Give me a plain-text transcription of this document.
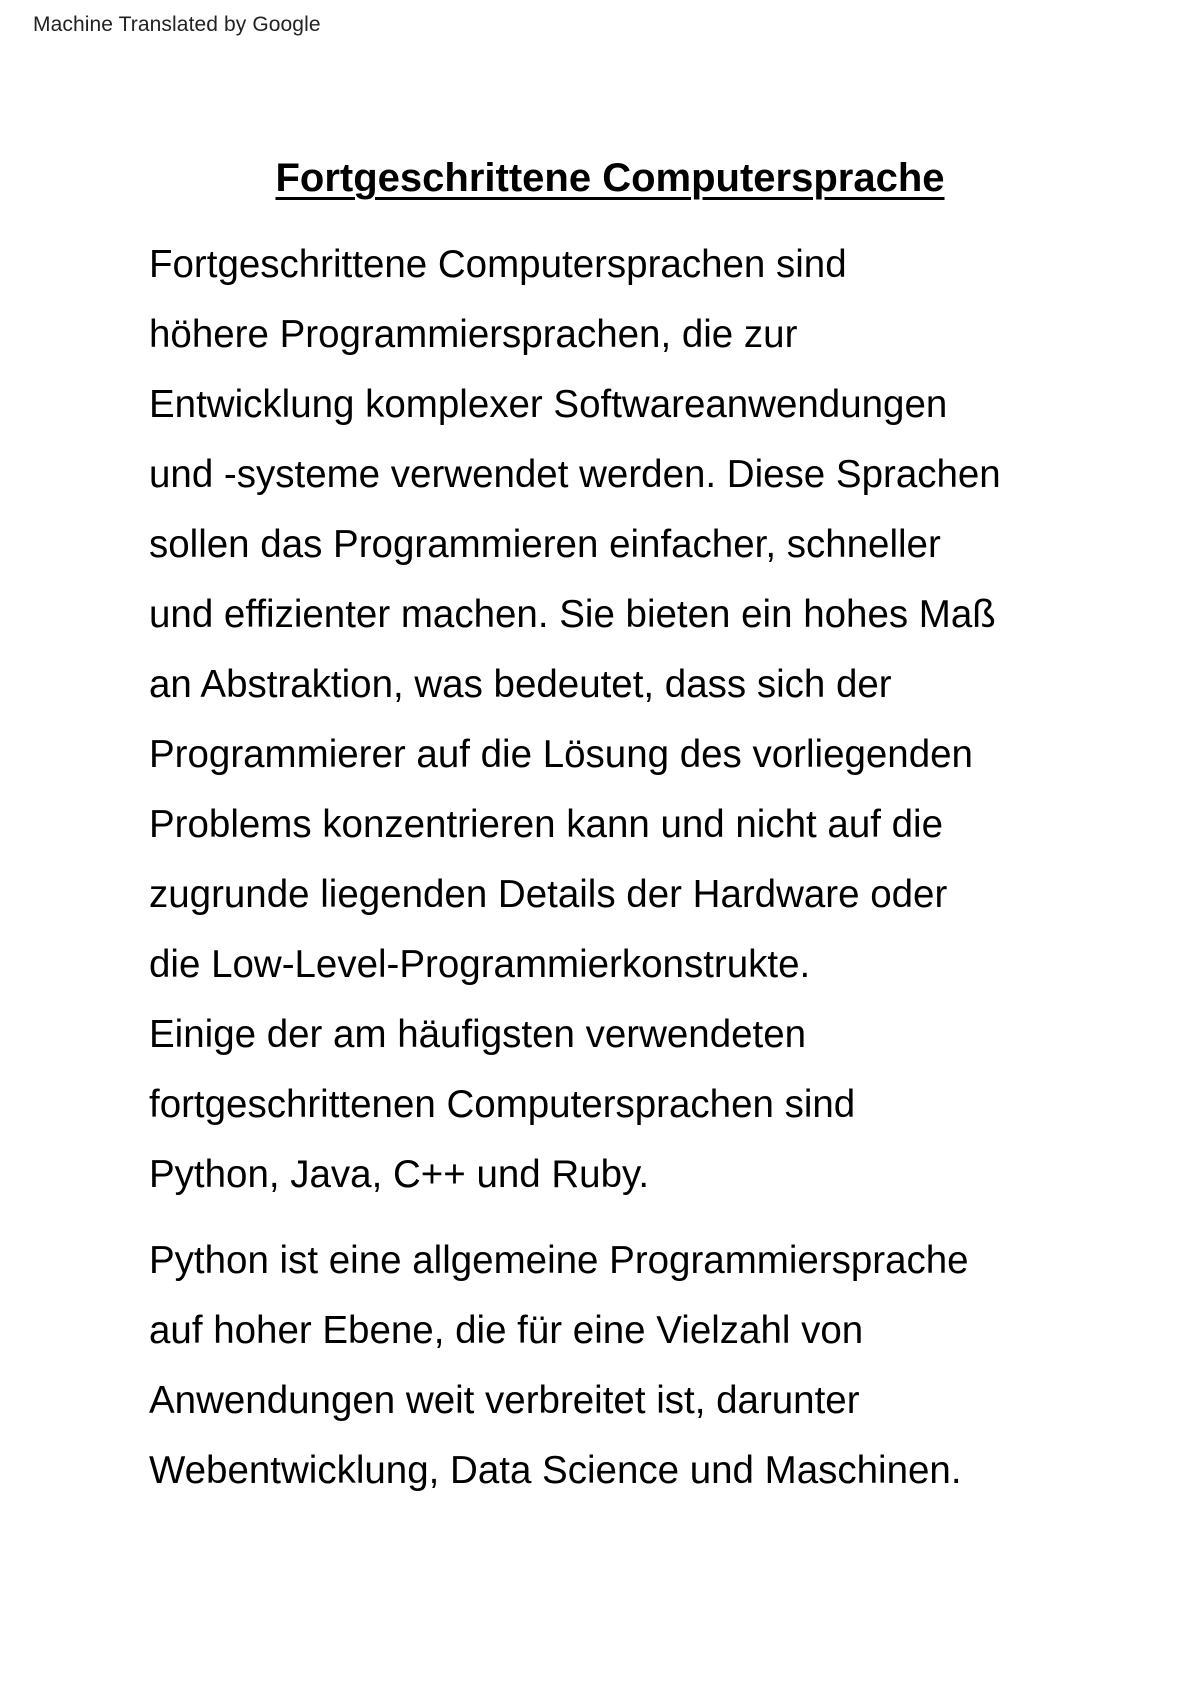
Machine Translated by Google
Fortgeschrittene Computersprache
Fortgeschrittene Computersprachen sind
höhere Programmiersprachen, die zur
Entwicklung komplexer Softwareanwendungen
und -systeme verwendet werden. Diese Sprachen
sollen das Programmieren einfacher, schneller
und effizienter machen. Sie bieten ein hohes Maß
an Abstraktion, was bedeutet, dass sich der
Programmierer auf die Lösung des vorliegenden
Problems konzentrieren kann und nicht auf die
zugrunde liegenden Details der Hardware oder
die Low-Level-Programmierkonstrukte.
Einige der am häufigsten verwendeten
fortgeschrittenen Computersprachen sind
Python, Java, C++ und Ruby.
Python ist eine allgemeine Programmiersprache
auf hoher Ebene, die für eine Vielzahl von
Anwendungen weit verbreitet ist, darunter
Webentwicklung, Data Science und Maschinen.
